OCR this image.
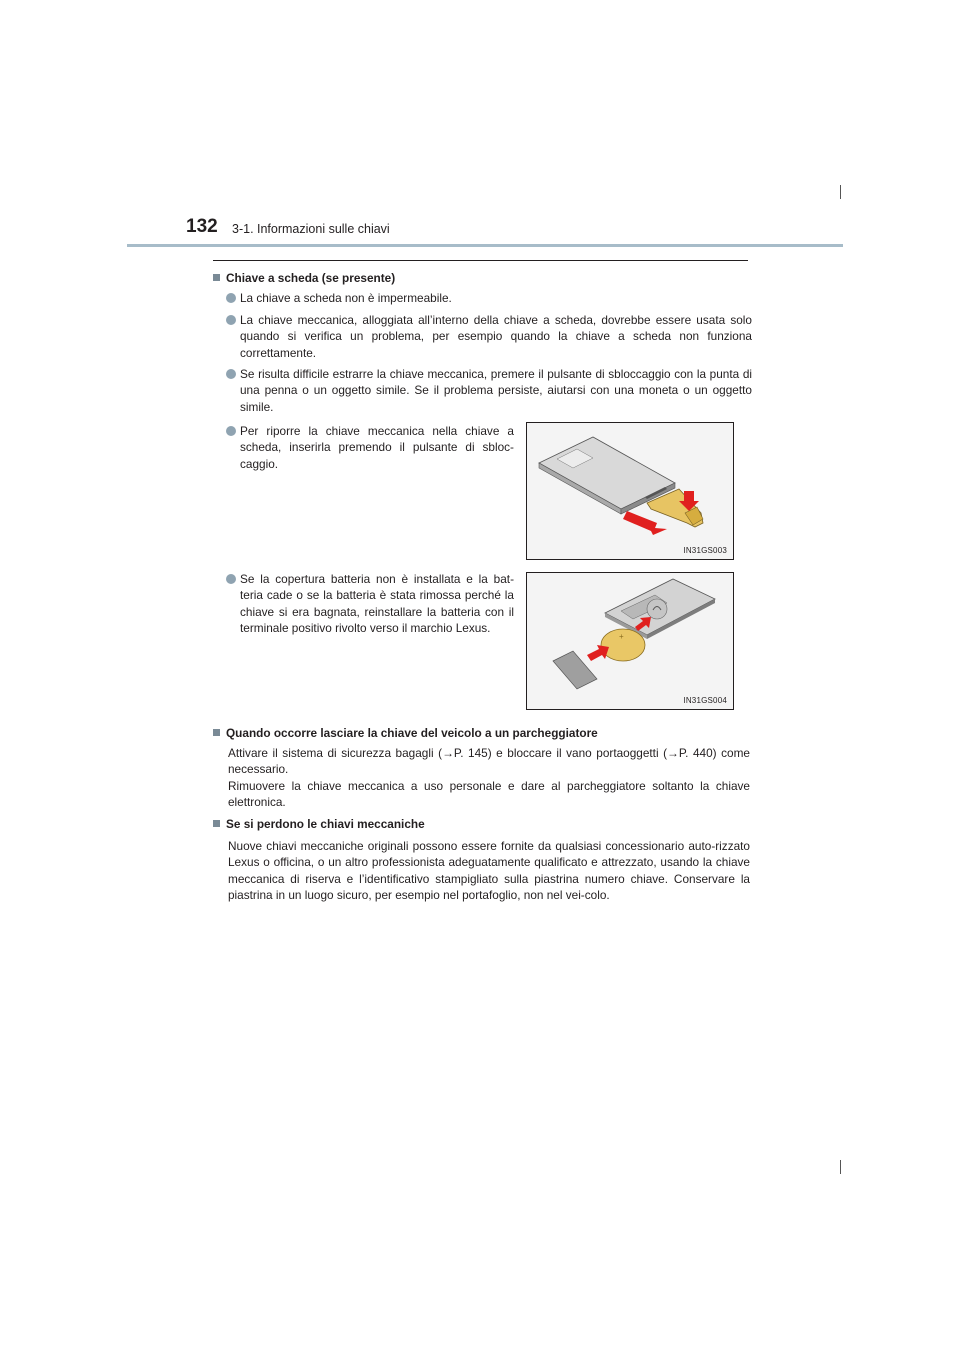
132 3-1. Informazioni sulle chiavi
Chiave a scheda (se presente)
La chiave a scheda non è impermeabile.
La chiave meccanica, alloggiata all’interno della chiave a scheda, dovrebbe essere usata solo quando si verifica un problema, per esempio quando la chiave a scheda non funziona correttamente.
Se risulta difficile estrarre la chiave meccanica, premere il pulsante di sbloccaggio con la punta di una penna o un oggetto simile. Se il problema persiste, aiutarsi con una moneta o un oggetto simile.
Per riporre la chiave meccanica nella chiave a scheda, inserirla premendo il pulsante di sbloc-caggio.
Se la copertura batteria non è installata e la bat-teria cade o se la batteria è stata rimossa perché la chiave si era bagnata, reinstallare la batteria con il terminale positivo rivolto verso il marchio Lexus.
IN31GS003
+
IN31GS004
Quando occorre lasciare la chiave del veicolo a un parcheggiatore
Attivare il sistema di sicurezza bagagli (→P. 145) e bloccare il vano portaoggetti (→P. 440) come necessario.
Rimuovere la chiave meccanica a uso personale e dare al parcheggiatore soltanto la chiave elettronica.
Se si perdono le chiavi meccaniche
Nuove chiavi meccaniche originali possono essere fornite da qualsiasi concessionario auto-rizzato Lexus o officina, o un altro professionista adeguatamente qualificato e attrezzato, usando la chiave meccanica di riserva e l’identificativo stampigliato sulla piastrina numero chiave. Conservare la piastrina in un luogo sicuro, per esempio nel portafoglio, non nel vei-colo.
